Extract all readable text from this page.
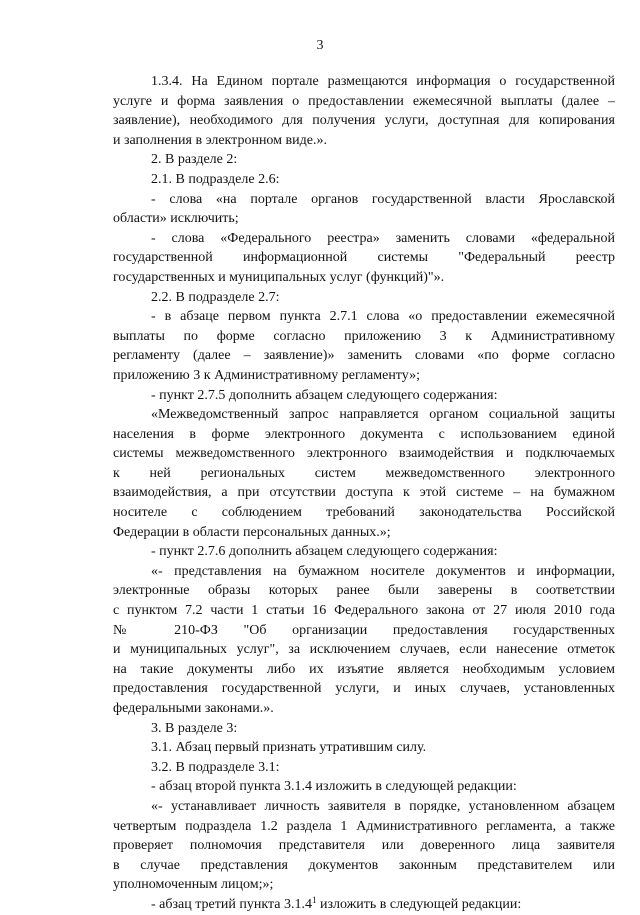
3
1.3.4. На Едином портале размещаются информация о государственной
услуге и форма заявления о предоставлении ежемесячной выплаты (далее –
заявление), необходимого для получения услуги, доступная для копирования
и заполнения в электронном виде.».
2. В разделе 2:
2.1. В подразделе 2.6:
- слова «на портале органов государственной власти Ярославской
области» исключить;
- слова «Федерального реестра» заменить словами «федеральной
государственной информационной системы "Федеральный реестр
государственных и муниципальных услуг (функций)"».
2.2. В подразделе 2.7:
- в абзаце первом пункта 2.7.1 слова «о предоставлении ежемесячной
выплаты по форме согласно приложению 3 к Административному
регламенту (далее – заявление)» заменить словами «по форме согласно
приложению 3 к Административному регламенту»;
- пункт 2.7.5 дополнить абзацем следующего содержания:
«Межведомственный запрос направляется органом социальной защиты
населения в форме электронного документа с использованием единой
системы межведомственного электронного взаимодействия и подключаемых
к ней региональных систем межведомственного электронного
взаимодействия, а при отсутствии доступа к этой системе – на бумажном
носителе с соблюдением требований законодательства Российской
Федерации в области персональных данных.»;
- пункт 2.7.6 дополнить абзацем следующего содержания:
«- представления на бумажном носителе документов и информации,
электронные образы которых ранее были заверены в соответствии
с пунктом 7.2 части 1 статьи 16 Федерального закона от 27 июля 2010 года
№ 210-ФЗ "Об организации предоставления государственных
и муниципальных услуг", за исключением случаев, если нанесение отметок
на такие документы либо их изъятие является необходимым условием
предоставления государственной услуги, и иных случаев, установленных
федеральными законами.».
3. В разделе 3:
3.1. Абзац первый признать утратившим силу.
3.2. В подразделе 3.1:
- абзац второй пункта 3.1.4 изложить в следующей редакции:
«- устанавливает личность заявителя в порядке, установленном абзацем
четвертым подраздела 1.2 раздела 1 Административного регламента, а также
проверяет полномочия представителя или доверенного лица заявителя
в случае представления документов законным представителем или
уполномоченным лицом;»;
- абзац третий пункта 3.1.4$^1$ изложить в следующей редакции:
